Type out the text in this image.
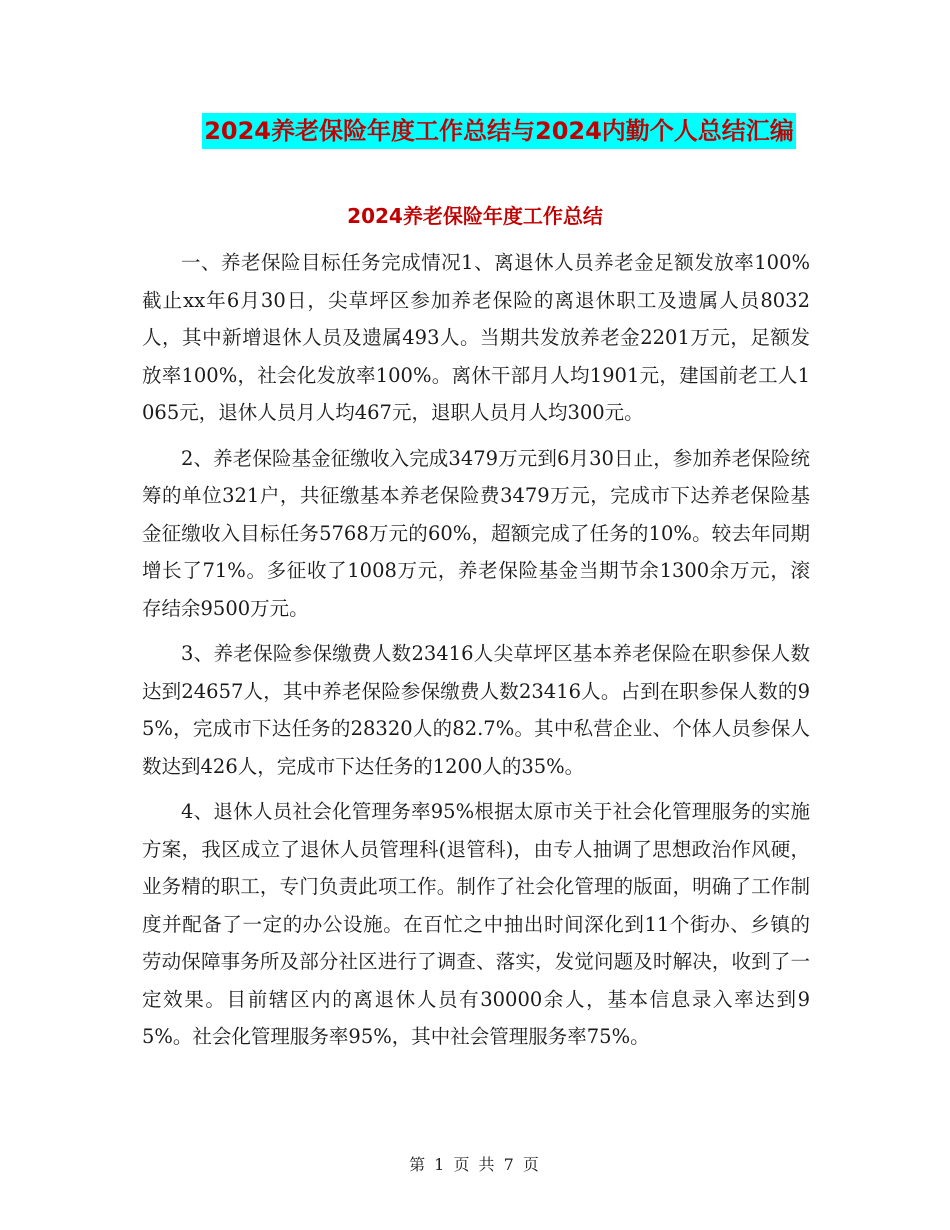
2024养老保险年度工作总结与2024内勤个人总结汇编
2024养老保险年度工作总结

一、养老保险目标任务完成情况1、离退休人员养老金足额发放率100%截止xx年6月30日，尖草坪区参加养老保险的离退休职工及遗属人员8032人，其中新增退休人员及遗属493人。当期共发放养老金2201万元，足额发放率100%，社会化发放率100%。离休干部月人均1901元，建国前老工人1065元，退休人员月人均467元，退职人员月人均300元。

2、养老保险基金征缴收入完成3479万元到6月30日止，参加养老保险统筹的单位321户，共征缴基本养老保险费3479万元，完成市下达养老保险基金征缴收入目标任务5768万元的60%，超额完成了任务的10%。较去年同期增长了71%。多征收了1008万元，养老保险基金当期节余1300余万元，滚存结余9500万元。

3、养老保险参保缴费人数23416人尖草坪区基本养老保险在职参保人数达到24657人，其中养老保险参保缴费人数23416人。占到在职参保人数的95%，完成市下达任务的28320人的82.7%。其中私营企业、个体人员参保人数达到426人，完成市下达任务的1200人的35%。

4、退休人员社会化管理务率95%根据太原市关于社会化管理服务的实施方案，我区成立了退休人员管理科(退管科)，由专人抽调了思想政治作风硬，业务精的职工，专门负责此项工作。制作了社会化管理的版面，明确了工作制度并配备了一定的办公设施。在百忙之中抽出时间深化到11个街办、乡镇的劳动保障事务所及部分社区进行了调查、落实，发觉问题及时解决，收到了一定效果。目前辖区内的离退休人员有30000余人，基本信息录入率达到95%。社会化管理服务率95%，其中社会管理服务率75%。

第 1 页 共 7 页
